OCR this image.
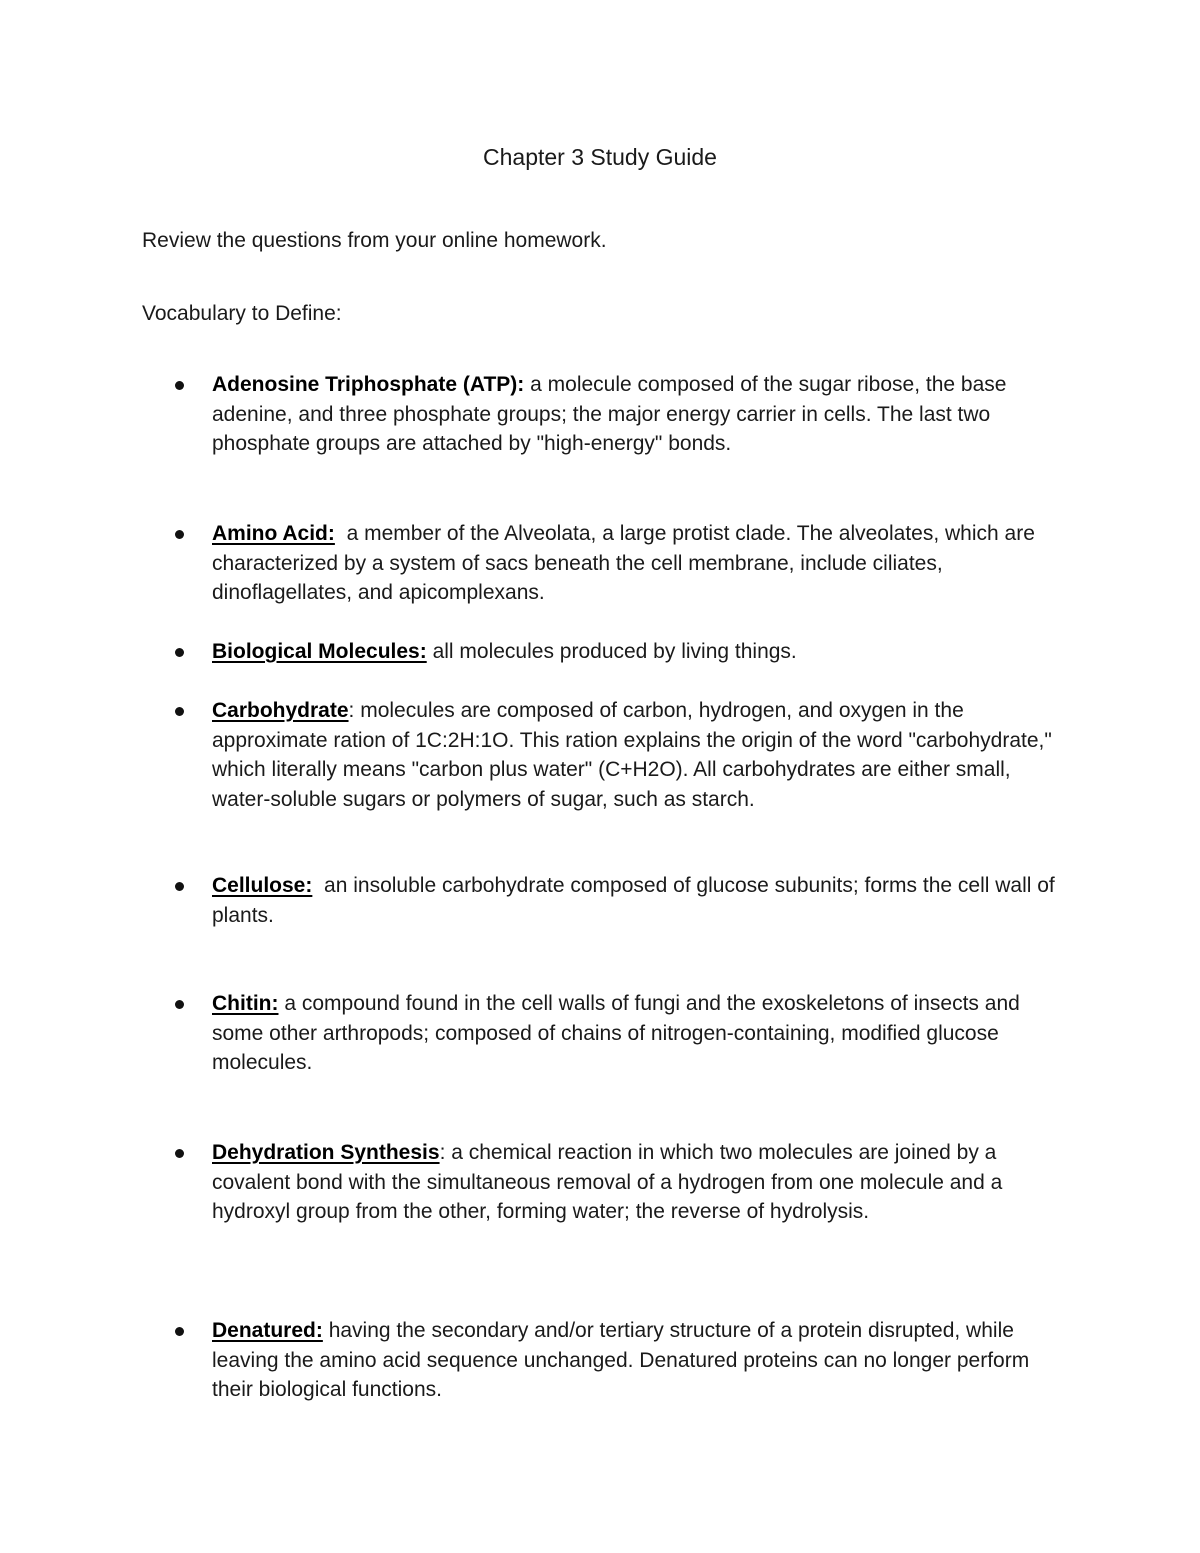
Chapter 3 Study Guide
Review the questions from your online homework.
Vocabulary to Define:
Adenosine Triphosphate (ATP): a molecule composed of the sugar ribose, the base adenine, and three phosphate groups; the major energy carrier in cells. The last two phosphate groups are attached by "high-energy" bonds.
Amino Acid: a member of the Alveolata, a large protist clade. The alveolates, which are characterized by a system of sacs beneath the cell membrane, include ciliates, dinoflagellates, and apicomplexans.
Biological Molecules: all molecules produced by living things.
Carbohydrate: molecules are composed of carbon, hydrogen, and oxygen in the approximate ration of 1C:2H:1O. This ration explains the origin of the word "carbohydrate," which literally means "carbon plus water" (C+H2O). All carbohydrates are either small, water-soluble sugars or polymers of sugar, such as starch.
Cellulose: an insoluble carbohydrate composed of glucose subunits; forms the cell wall of plants.
Chitin: a compound found in the cell walls of fungi and the exoskeletons of insects and some other arthropods; composed of chains of nitrogen-containing, modified glucose molecules.
Dehydration Synthesis: a chemical reaction in which two molecules are joined by a covalent bond with the simultaneous removal of a hydrogen from one molecule and a hydroxyl group from the other, forming water; the reverse of hydrolysis.
Denatured: having the secondary and/or tertiary structure of a protein disrupted, while leaving the amino acid sequence unchanged. Denatured proteins can no longer perform their biological functions.
